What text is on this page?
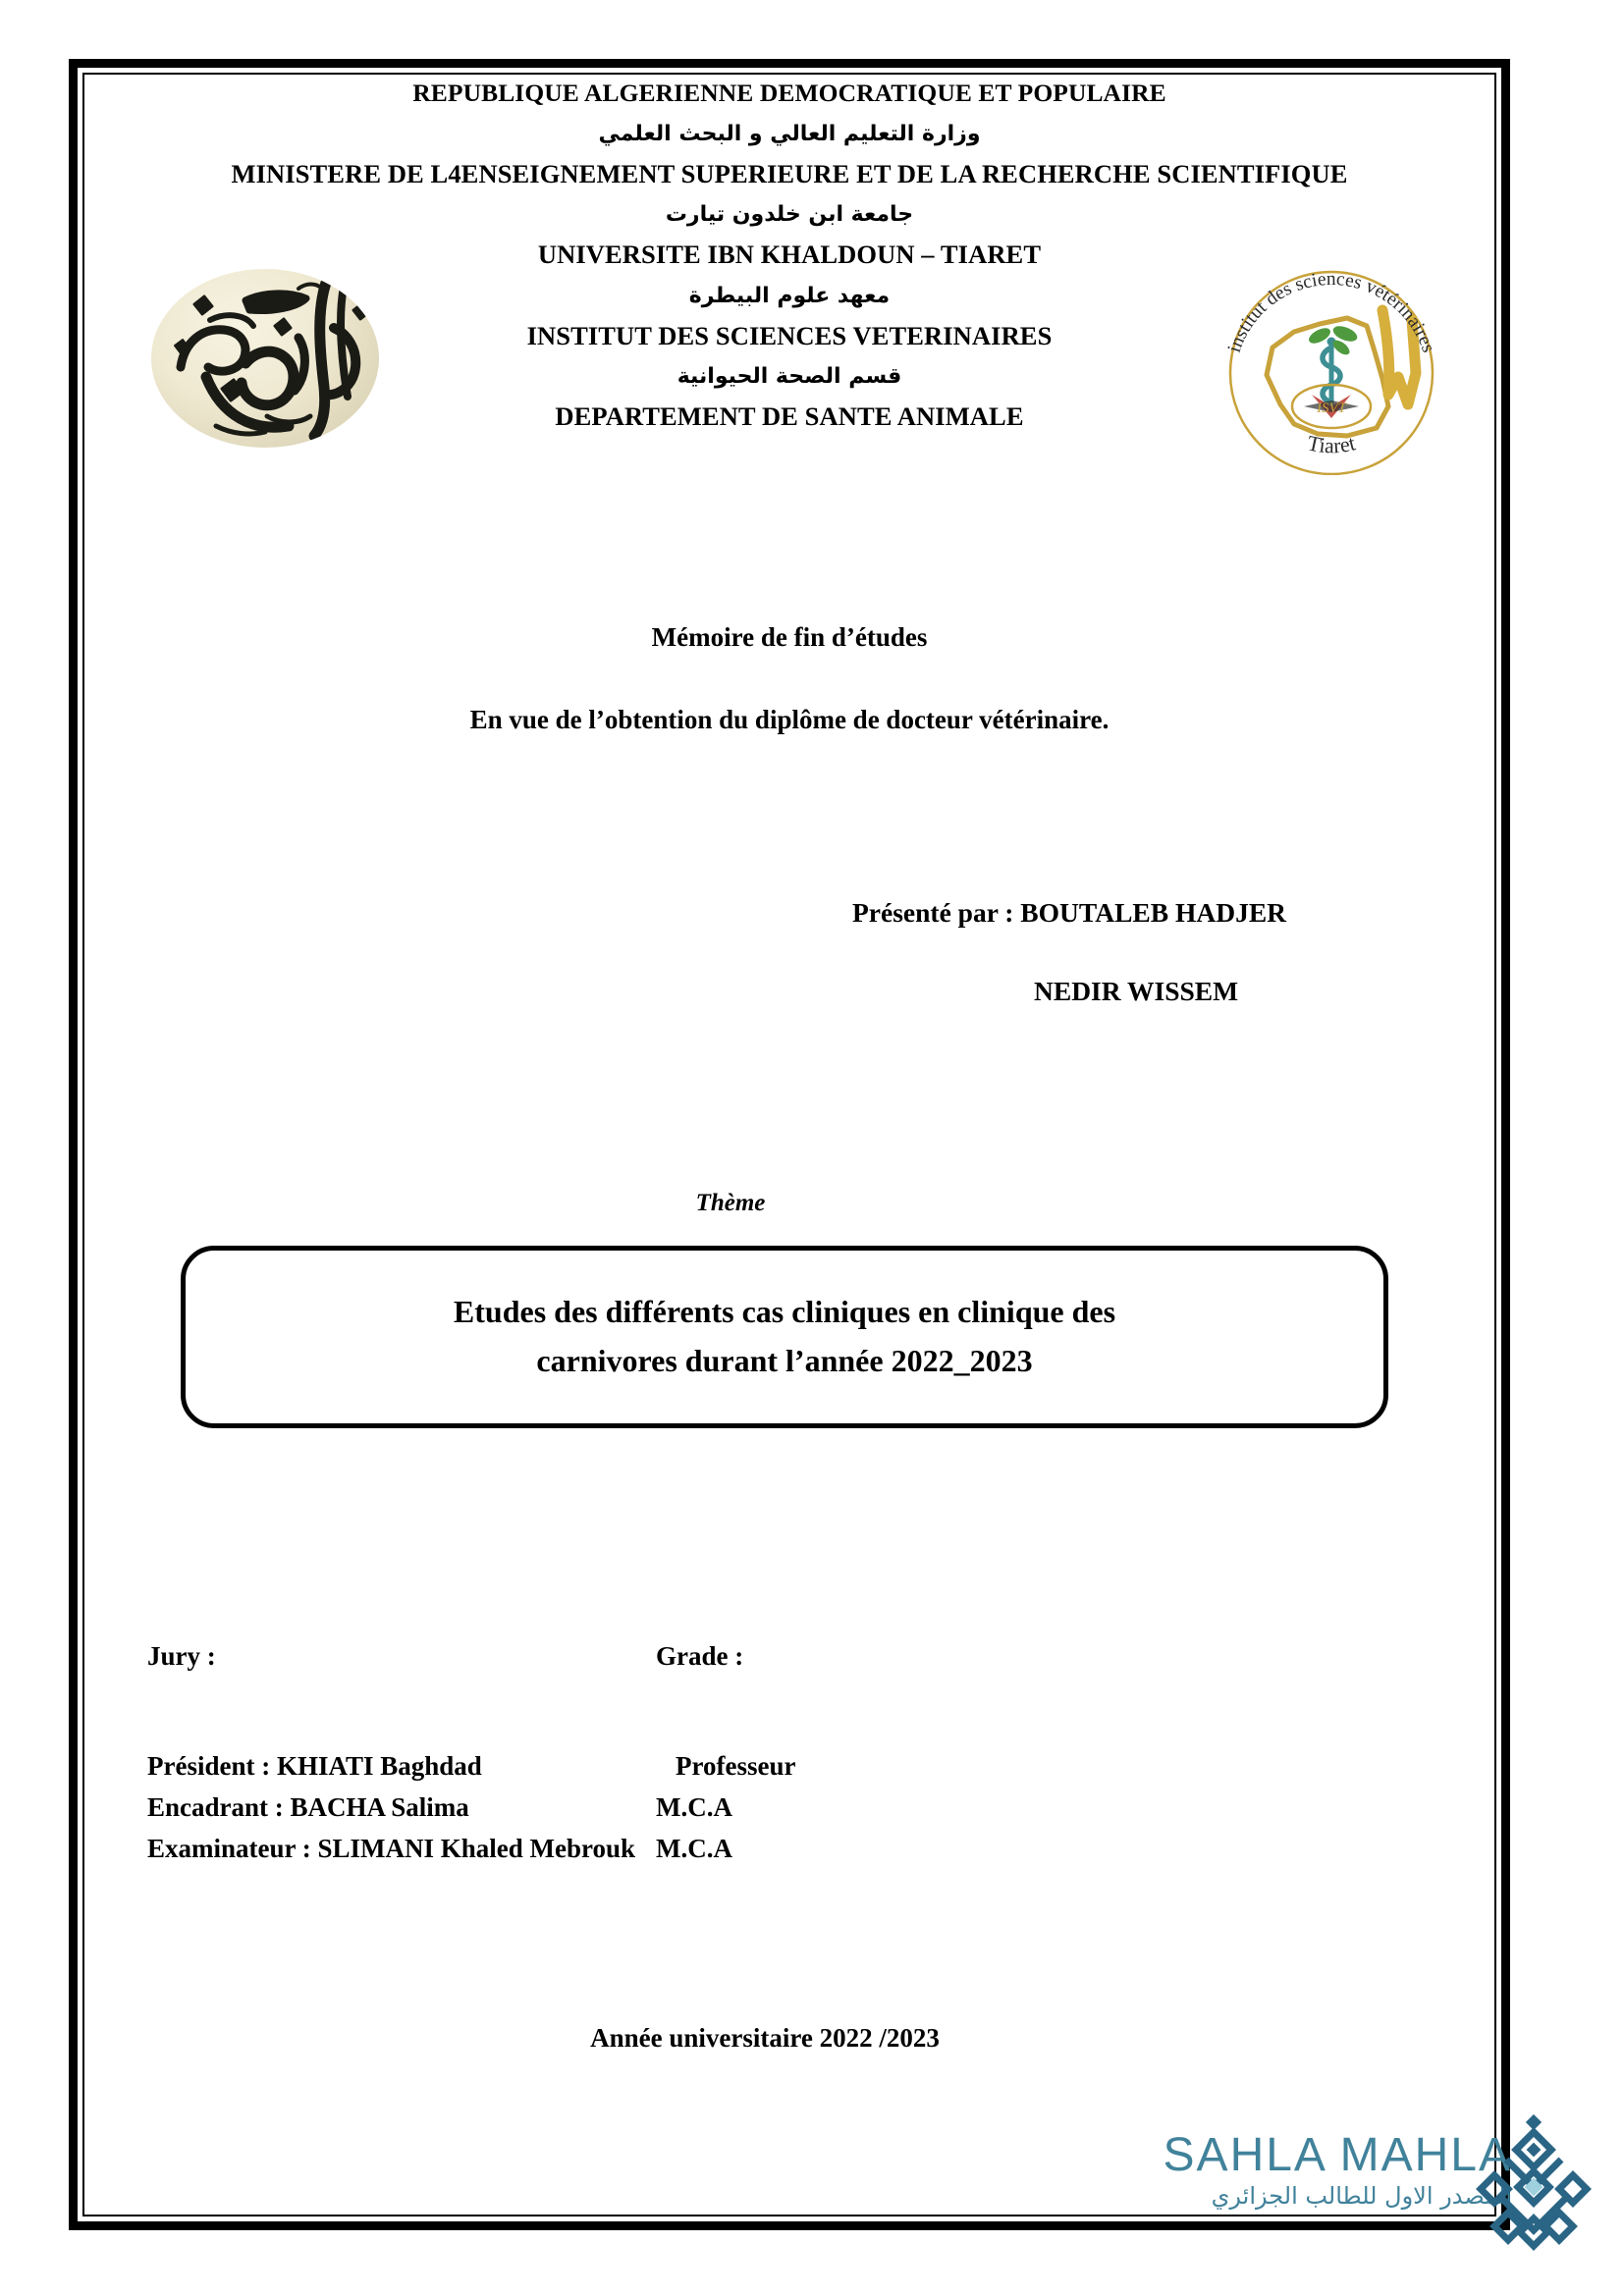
REPUBLIQUE ALGERIENNE DEMOCRATIQUE ET POPULAIRE
وزارة التعليم العالي و البحث العلمي
MINISTERE DE L4ENSEIGNEMENT SUPERIEURE ET DE LA RECHERCHE SCIENTIFIQUE
جامعة ابن خلدون تيارت
UNIVERSITE IBN KHALDOUN – TIARET
معهد علوم البيطرة
INSTITUT DES SCIENCES VETERINAIRES
قسم الصحة الحيوانية
DEPARTEMENT DE SANTE ANIMALE	ISVT
institut des sciences vétérinaires
Tiaret
Mémoire de fin d’études
En vue de l’obtention du diplôme de docteur vétérinaire.
Présenté par : BOUTALEB HADJER
NEDIR WISSEM
Thème
Etudes des différents cas cliniques en clinique des
carnivores durant l’année 2022_2023
Jury :	Grade :
Président : KHIATI Baghdad	Professeur
Encadrant : BACHA Salima	M.C.A
Examinateur : SLIMANI Khaled Mebrouk M.C.A
Année universitaire 2022 /2023
SAHLA MAHLA
المصدر الاول للطالب الجزائري
